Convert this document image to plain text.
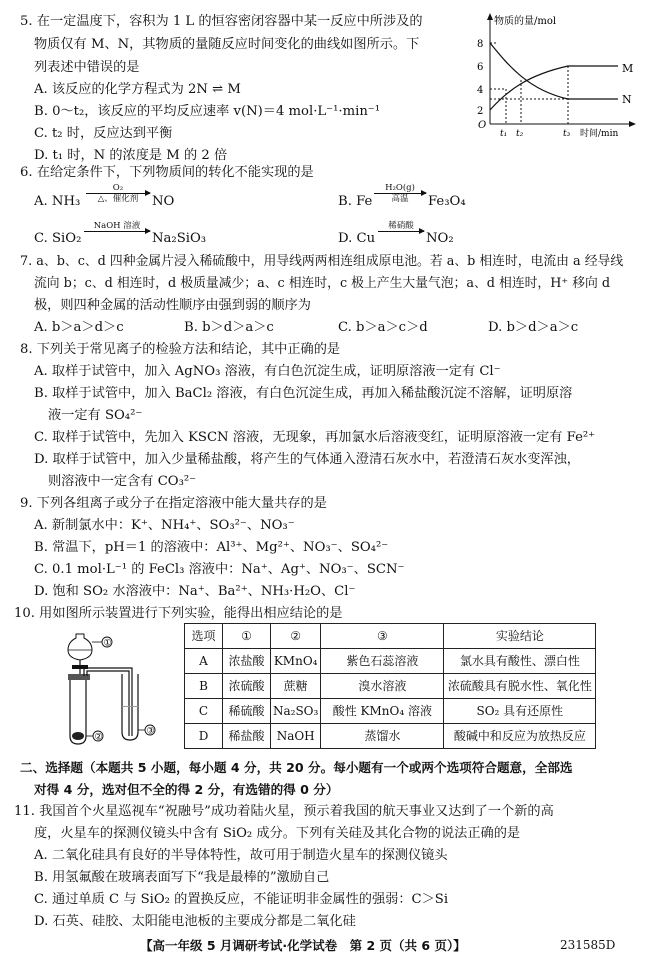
5. 在一定温度下，容积为 1 L 的恒容密闭容器中某一反应中所涉及的
物质仅有 M、N，其物质的量随反应时间变化的曲线如图所示。下
列表述中错误的是
A. 该反应的化学方程式为 2N ⇌ M
B. 0～t₂，该反应的平均反应速率 v(N)＝4 mol·L⁻¹·min⁻¹
C. t₂ 时，反应达到平衡
D. t₁ 时，N 的浓度是 M 的 2 倍
物质的量/mol
8
6
4
2
O
M
N
t₁ t₂	t₃ 时间/min
6. 在给定条件下，下列物质间的转化不能实现的是
A. NH₃
O₂
△、催化剂	NO	B. Fe
H₂O(g)
高温	Fe₃O₄
C. SiO₂
NaOH 溶液
Na₂SiO₃	D. Cu
稀硝酸
NO₂
7. a、b、c、d 四种金属片浸入稀硫酸中，用导线两两相连组成原电池。若 a、b 相连时，电流由 a 经导线
流向 b；c、d 相连时，d 极质量减少；a、c 相连时，c 极上产生大量气泡；a、d 相连时，H⁺ 移向 d
极，则四种金属的活动性顺序由强到弱的顺序为
A. b＞a＞d＞c	B. b＞d＞a＞c	C. b＞a＞c＞d	D. b＞d＞a＞c
8. 下列关于常见离子的检验方法和结论，其中正确的是
A. 取样于试管中，加入 AgNO₃ 溶液，有白色沉淀生成，证明原溶液一定有 Cl⁻
B. 取样于试管中，加入 BaCl₂ 溶液，有白色沉淀生成，再加入稀盐酸沉淀不溶解，证明原溶
液一定有 SO₄²⁻
C. 取样于试管中，先加入 KSCN 溶液，无现象，再加氯水后溶液变红，证明原溶液一定有 Fe²⁺
D. 取样于试管中，加入少量稀盐酸，将产生的气体通入澄清石灰水中，若澄清石灰水变浑浊，
则溶液中一定含有 CO₃²⁻
9. 下列各组离子或分子在指定溶液中能大量共存的是
A. 新制氯水中：K⁺、NH₄⁺、SO₃²⁻、NO₃⁻
B. 常温下，pH＝1 的溶液中：Al³⁺、Mg²⁺、NO₃⁻、SO₄²⁻
C. 0.1 mol·L⁻¹ 的 FeCl₃ 溶液中：Na⁺、Ag⁺、NO₃⁻、SCN⁻
D. 饱和 SO₂ 水溶液中：Na⁺、Ba²⁺、NH₃·H₂O、Cl⁻
10. 用如图所示装置进行下列实验，能得出相应结论的是
①
②
③
选项	①	②	③	实验结论
A	浓盐酸	KMnO₄	紫色石蕊溶液	氯水具有酸性、漂白性
B	浓硫酸	蔗糖	溴水溶液	浓硫酸具有脱水性、氧化性
C	稀硫酸	Na₂SO₃	酸性 KMnO₄ 溶液	SO₂ 具有还原性
D	稀盐酸	NaOH	蒸馏水	酸碱中和反应为放热反应
二、选择题（本题共 5 小题，每小题 4 分，共 20 分。每小题有一个或两个选项符合题意，全部选
对得 4 分，选对但不全的得 2 分，有选错的得 0 分）
11. 我国首个火星巡视车“祝融号”成功着陆火星，预示着我国的航天事业又达到了一个新的高
度，火星车的探测仪镜头中含有 SiO₂ 成分。下列有关硅及其化合物的说法正确的是
A. 二氧化硅具有良好的半导体特性，故可用于制造火星车的探测仪镜头
B. 用氢氟酸在玻璃表面写下“我是最棒的”激励自己
C. 通过单质 C 与 SiO₂ 的置换反应，不能证明非金属性的强弱：C＞Si
D. 石英、硅胶、太阳能电池板的主要成分都是二氧化硅
【高一年级 5 月调研考试·化学试卷　第 2 页（共 6 页）】	231585D
